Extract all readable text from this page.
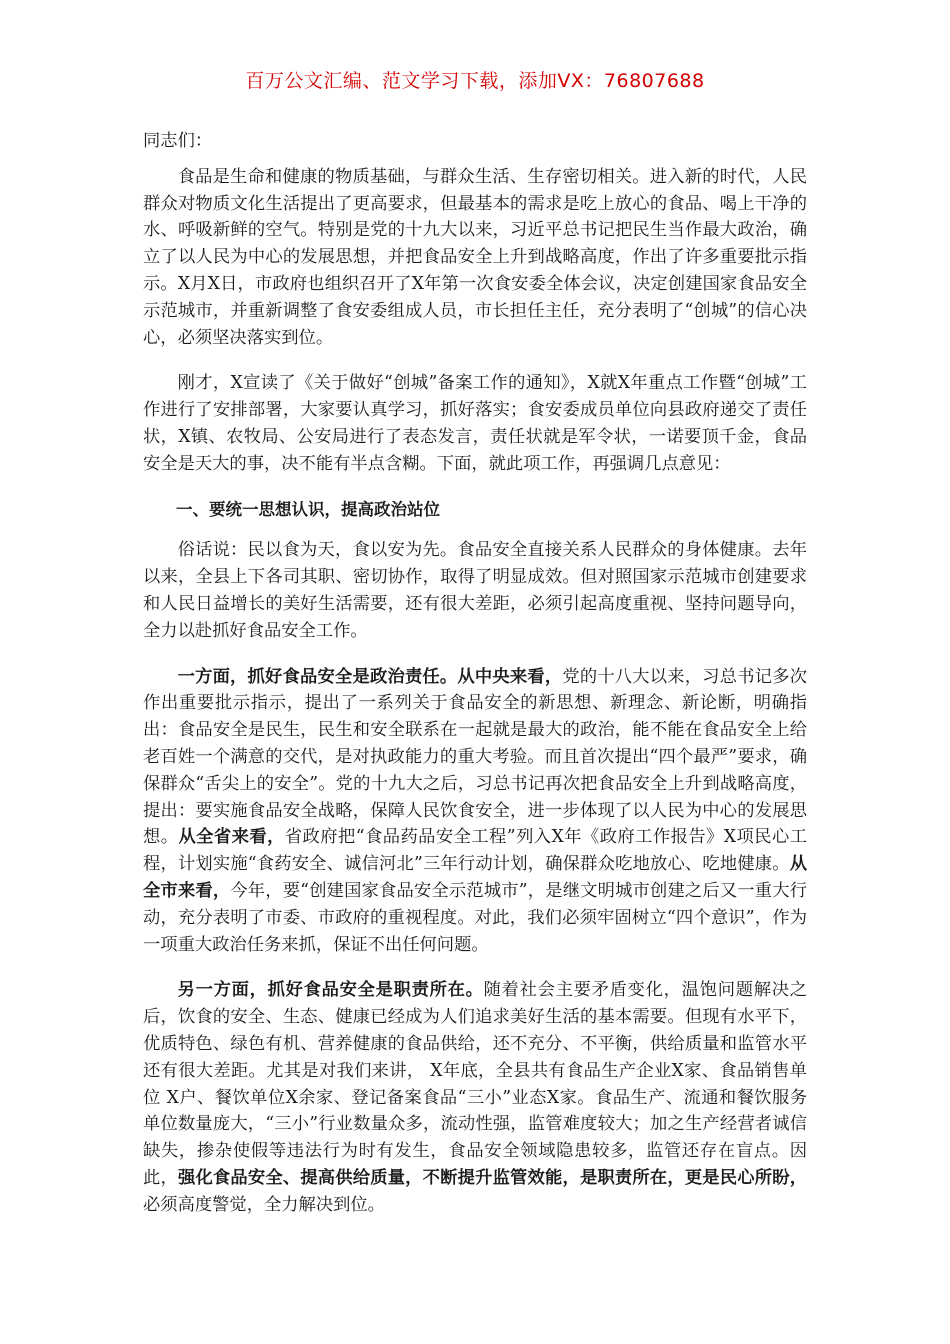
百万公文汇编、范文学习下载，添加VX：76807688

同志们：

食品是生命和健康的物质基础，与群众生活、生存密切相关。进入新的时代，人民群众对物质文化生活提出了更高要求，但最基本的需求是吃上放心的食品、喝上干净的水、呼吸新鲜的空气。特别是党的十九大以来，习近平总书记把民生当作最大政治，确立了以人民为中心的发展思想，并把食品安全上升到战略高度，作出了许多重要批示指示。X月X日，市政府也组织召开了X年第一次食安委全体会议，决定创建国家食品安全示范城市，并重新调整了食安委组成人员，市长担任主任，充分表明了“创城”的信心决心，必须坚决落实到位。

刚才，X宣读了《关于做好“创城”备案工作的通知》，X就X年重点工作暨“创城”工作进行了安排部署，大家要认真学习，抓好落实；食安委成员单位向县政府递交了责任状，X镇、农牧局、公安局进行了表态发言，责任状就是军令状，一诺要顶千金，食品安全是天大的事，决不能有半点含糊。下面，就此项工作，再强调几点意见：

一、要统一思想认识，提高政治站位

俗话说：民以食为天，食以安为先。食品安全直接关系人民群众的身体健康。去年以来，全县上下各司其职、密切协作，取得了明显成效。但对照国家示范城市创建要求和人民日益增长的美好生活需要，还有很大差距，必须引起高度重视、坚持问题导向，全力以赴抓好食品安全工作。

一方面，抓好食品安全是政治责任。从中央来看，党的十八大以来，习总书记多次作出重要批示指示，提出了一系列关于食品安全的新思想、新理念、新论断，明确指出：食品安全是民生，民生和安全联系在一起就是最大的政治，能不能在食品安全上给老百姓一个满意的交代，是对执政能力的重大考验。而且首次提出“四个最严”要求，确保群众“舌尖上的安全”。党的十九大之后，习总书记再次把食品安全上升到战略高度，提出：要实施食品安全战略，保障人民饮食安全，进一步体现了以人民为中心的发展思想。从全省来看，省政府把“食品药品安全工程”列入X年《政府工作报告》X项民心工程，计划实施“食药安全、诚信河北”三年行动计划，确保群众吃地放心、吃地健康。从全市来看，今年，要“创建国家食品安全示范城市”，是继文明城市创建之后又一重大行动，充分表明了市委、市政府的重视程度。对此，我们必须牢固树立“四个意识”，作为一项重大政治任务来抓，保证不出任何问题。

另一方面，抓好食品安全是职责所在。随着社会主要矛盾变化，温饱问题解决之后，饮食的安全、生态、健康已经成为人们追求美好生活的基本需要。但现有水平下，优质特色、绿色有机、营养健康的食品供给，还不充分、不平衡，供给质量和监管水平还有很大差距。尤其是对我们来讲， X年底，全县共有食品生产企业X家、食品销售单位 X户、餐饮单位X余家、登记备案食品“三小”业态X家。食品生产、流通和餐饮服务单位数量庞大，“三小”行业数量众多，流动性强，监管难度较大；加之生产经营者诚信缺失，掺杂使假等违法行为时有发生，食品安全领域隐患较多，监管还存在盲点。因此，强化食品安全、提高供给质量，不断提升监管效能，是职责所在，更是民心所盼，必须高度警觉，全力解决到位。
